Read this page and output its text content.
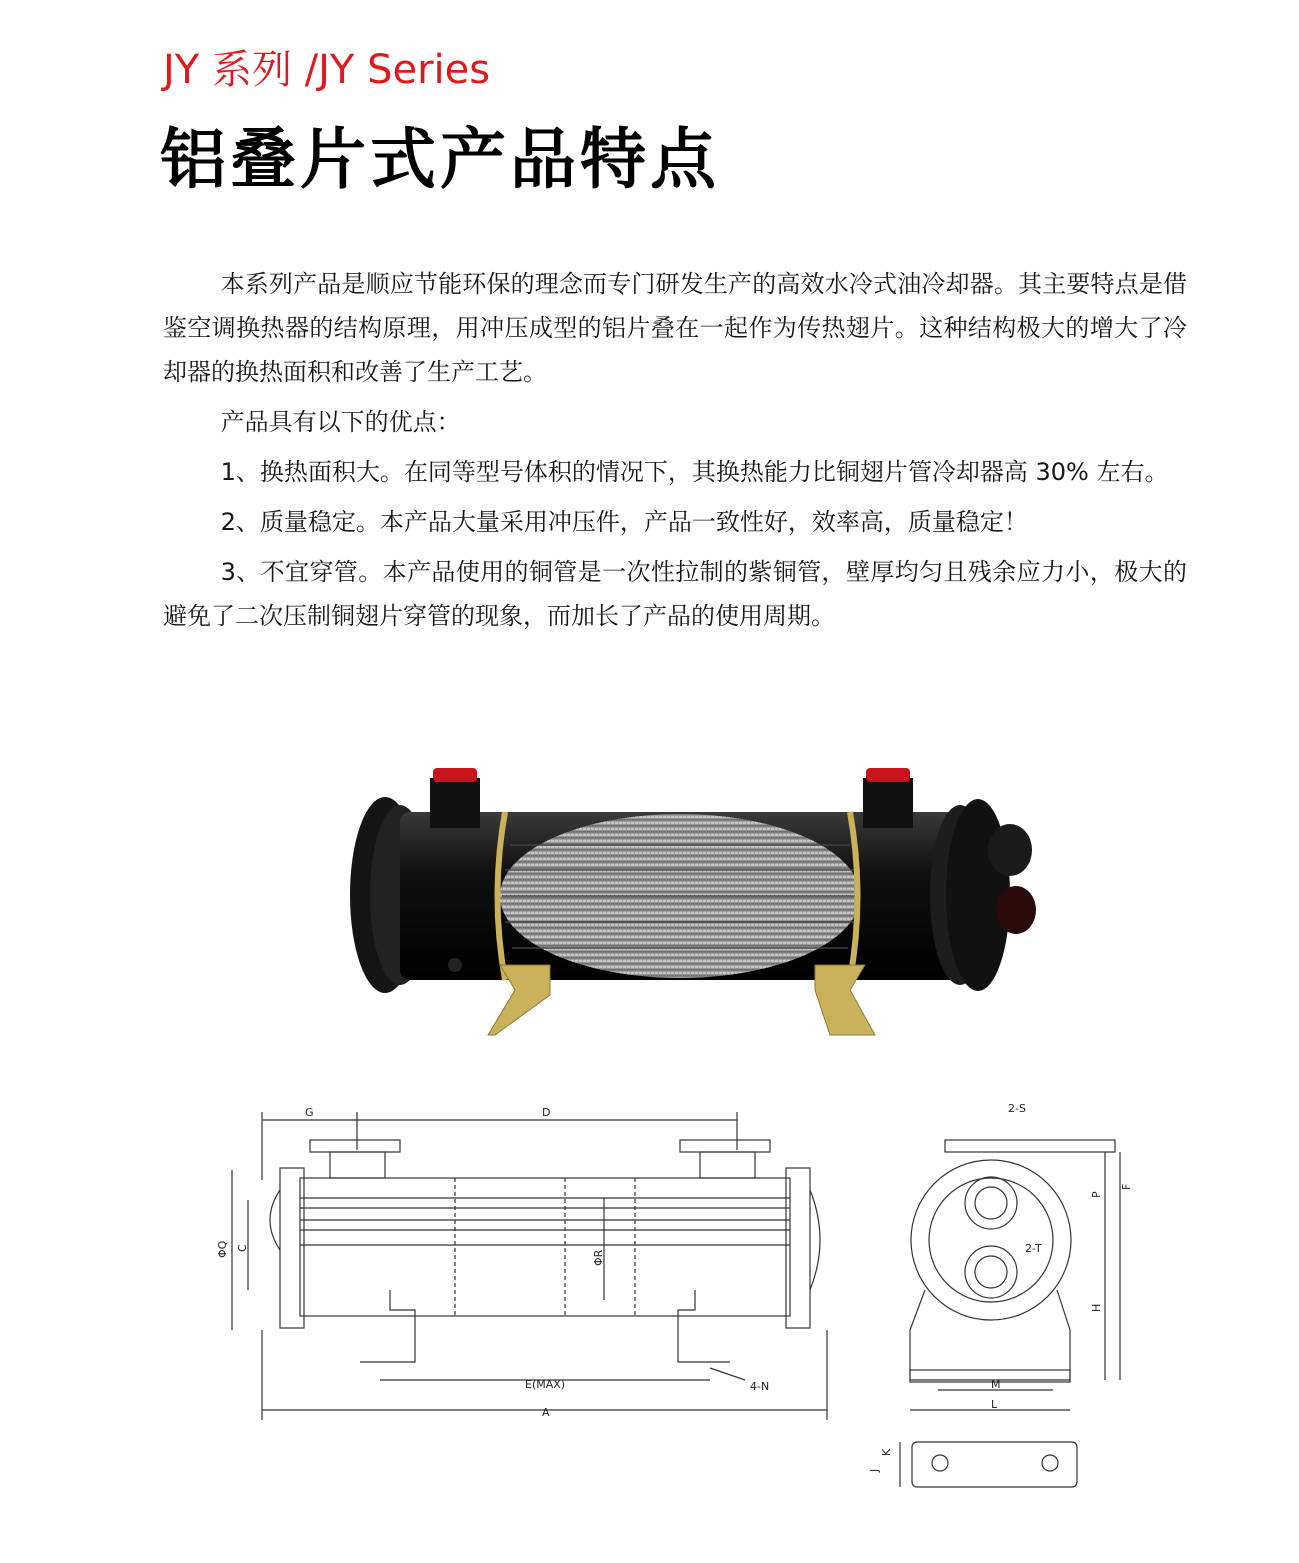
JY 系列 /JY Series
铝叠片式产品特点

本系列产品是顺应节能环保的理念而专门研发生产的高效水冷式油冷却器。其主要特点是借鉴空调换热器的结构原理，用冲压成型的铝片叠在一起作为传热翅片。这种结构极大的增大了冷却器的换热面积和改善了生产工艺。

产品具有以下的优点：

1、换热面积大。在同等型号体积的情况下，其换热能力比铜翅片管冷却器高 30% 左右。

2、质量稳定。本产品大量采用冲压件，产品一致性好，效率高，质量稳定！

3、不宜穿管。本产品使用的铜管是一次性拉制的紫铜管，壁厚均匀且残余应力小，极大的避免了二次压制铜翅片穿管的现象，而加长了产品的使用周期。

G	D
ΦQ C
ΦR
E(MAX)	4-N
A
2-S
2-T
P
F
H
M
L
K
J
